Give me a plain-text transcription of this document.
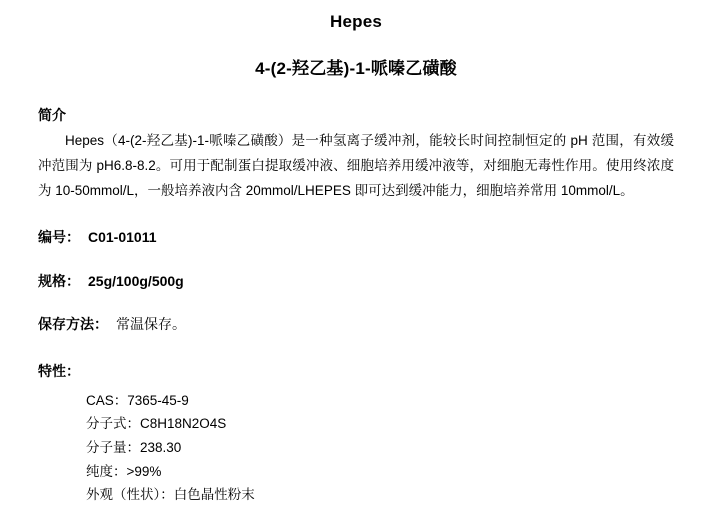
Hepes
4-(2-羟乙基)-1-哌嗪乙磺酸
简介
Hepes（4-(2-羟乙基)-1-哌嗪乙磺酸）是一种氢离子缓冲剂，能较长时间控制恒定的 pH 范围，有效缓冲范围为 pH6.8-8.2。可用于配制蛋白提取缓冲液、细胞培养用缓冲液等，对细胞无毒性作用。使用终浓度为 10-50mmol/L，一般培养液内含 20mmol/LHEPES 即可达到缓冲能力，细胞培养常用 10mmol/L。
编号： C01-01011
规格： 25g/100g/500g
保存方法： 常温保存。
特性：
CAS：7365-45-9
分子式：C8H18N2O4S
分子量：238.30
纯度：>99%
外观（性状）：白色晶性粉末
